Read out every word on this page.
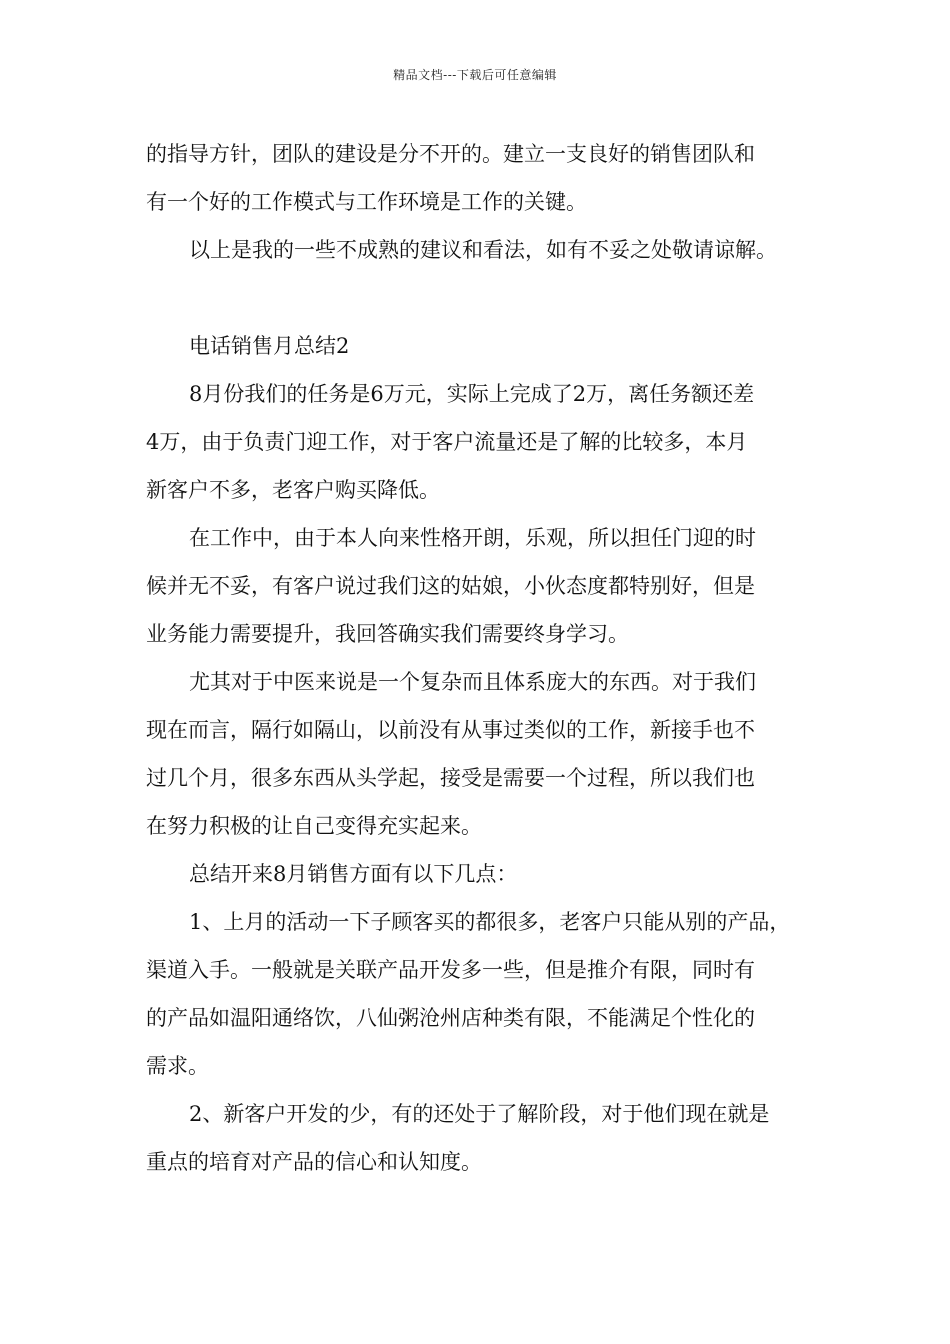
精品文档---下载后可任意编辑

的指导方针，团队的建设是分不开的。建立一支良好的销售团队和
有一个好的工作模式与工作环境是工作的关键。

以上是我的一些不成熟的建议和看法，如有不妥之处敬请谅解。

电话销售月总结2

8月份我们的任务是6万元，实际上完成了2万，离任务额还差
4万，由于负责门迎工作，对于客户流量还是了解的比较多，本月
新客户不多，老客户购买降低。

在工作中，由于本人向来性格开朗，乐观，所以担任门迎的时
候并无不妥，有客户说过我们这的姑娘，小伙态度都特别好，但是
业务能力需要提升，我回答确实我们需要终身学习。

尤其对于中医来说是一个复杂而且体系庞大的东西。对于我们
现在而言，隔行如隔山，以前没有从事过类似的工作，新接手也不
过几个月，很多东西从头学起，接受是需要一个过程，所以我们也
在努力积极的让自己变得充实起来。

总结开来8月销售方面有以下几点：

1、上月的活动一下子顾客买的都很多，老客户只能从别的产品，
渠道入手。一般就是关联产品开发多一些，但是推介有限，同时有
的产品如温阳通络饮，八仙粥沧州店种类有限，不能满足个性化的
需求。

2、新客户开发的少，有的还处于了解阶段，对于他们现在就是
重点的培育对产品的信心和认知度。
